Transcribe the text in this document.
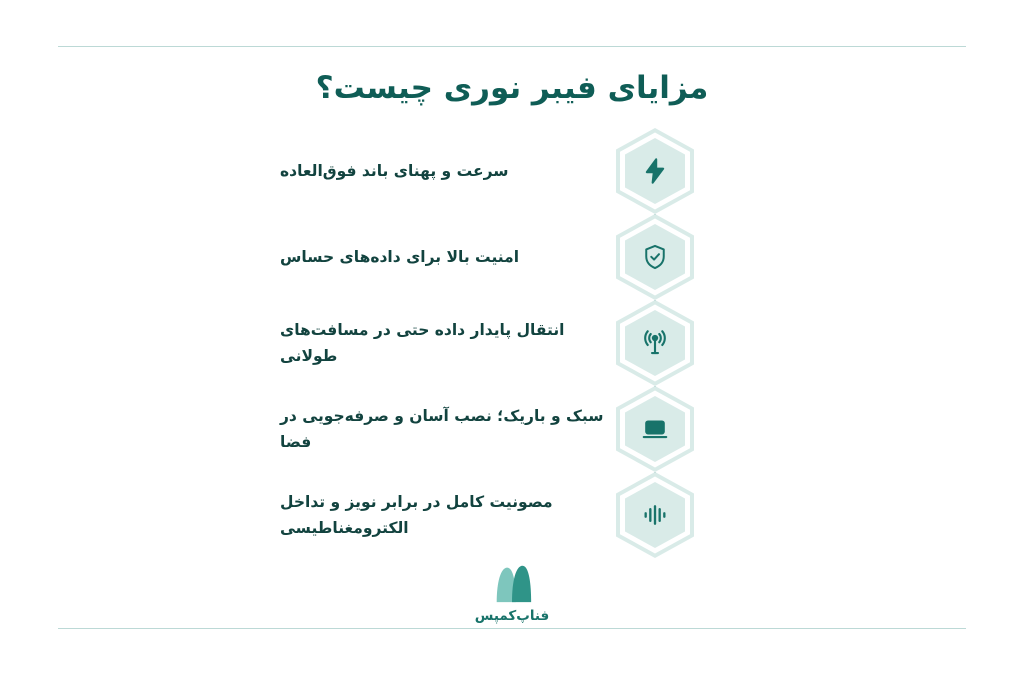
مزایای فیبر نوری چیست؟
سرعت و پهنای باند فوق‌العاده
امنیت بالا برای داده‌های حساس
انتقال پایدار داده حتی در مسافت‌های طولانی
سبک و باریک؛ نصب آسان و صرفه‌جویی در فضا
مصونیت کامل در برابر نویز و تداخل الکترومغناطیسی
فناپ‌کمپس
